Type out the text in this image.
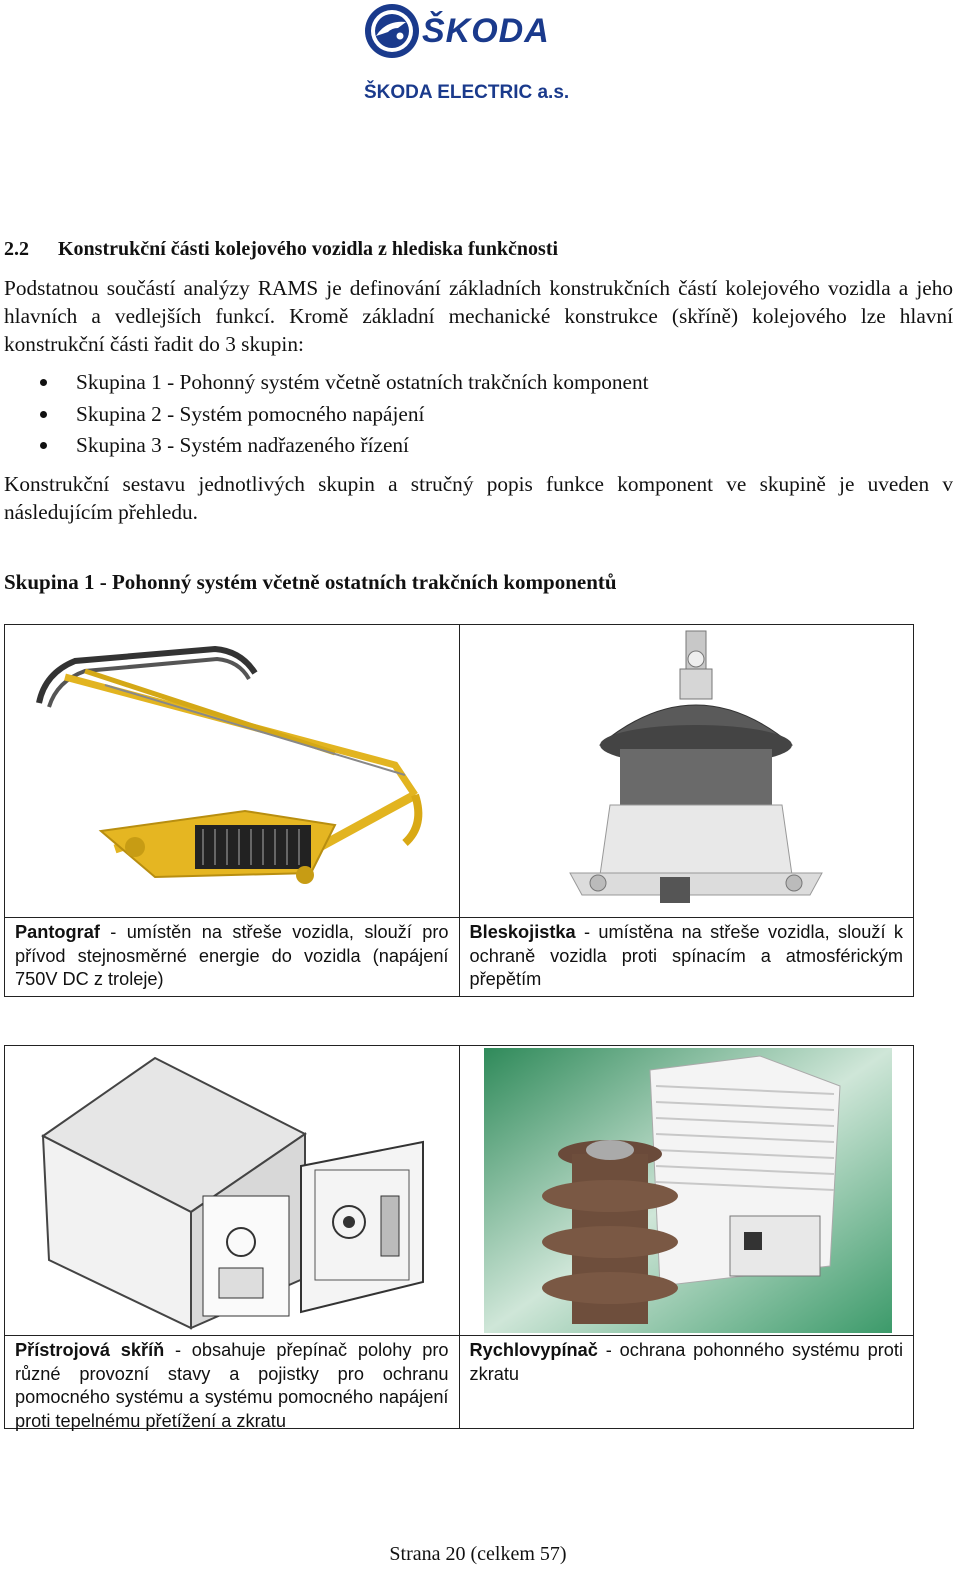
ŠKODA
ŠKODA ELECTRIC a.s.
2.2 Konstrukční části kolejového vozidla z hlediska funkčnosti

Podstatnou součástí analýzy RAMS je definování základních konstrukčních částí kolejového vozidla a jeho hlavních a vedlejších funkcí. Kromě základní mechanické konstrukce (skříně) kolejového lze hlavní konstrukční části řadit do 3 skupin:

Skupina 1 - Pohonný systém včetně ostatních trakčních komponent
Skupina 2 - Systém pomocného napájení
Skupina 3 - Systém nadřazeného řízení

Konstrukční sestavu jednotlivých skupin a stručný popis funkce komponent ve skupině je uveden v následujícím přehledu.

Skupina 1 - Pohonný systém včetně ostatních trakčních komponentů

Pantograf - umístěn na střeše vozidla, slouží pro přívod stejnosměrné energie do vozidla (napájení 750V DC z troleje)	Bleskojistka - umístěna na střeše vozidla, slouží k ochraně vozidla proti spínacím a atmosférickým přepětím

Přístrojová skříň - obsahuje přepínač polohy pro různé provozní stavy a pojistky pro ochranu pomocného systému a systému pomocného napájení proti tepelnému přetížení a zkratu	Rychlovypínač - ochrana pohonného systému proti zkratu
Strana 20 (celkem 57)
